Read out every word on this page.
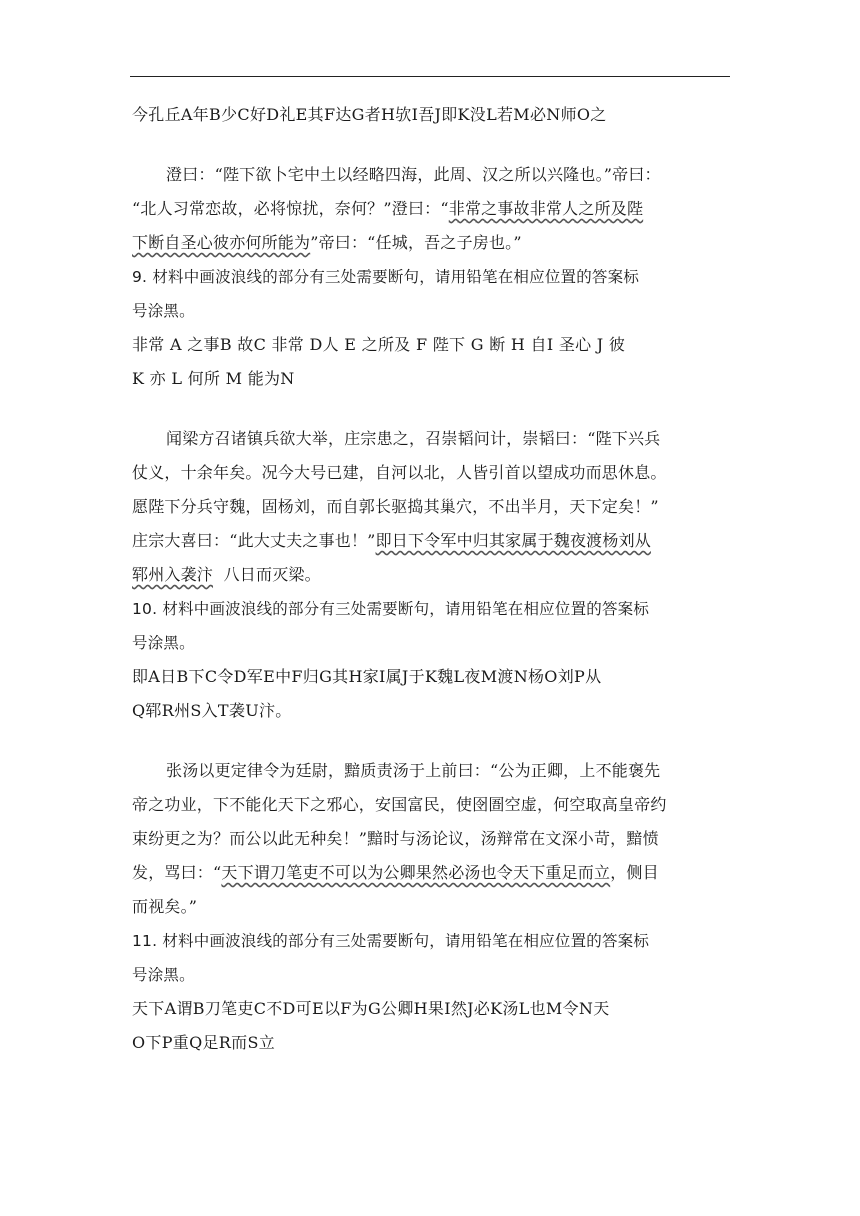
今孔丘A年B少C好D礼E其F达G者H欤I吾J即K没L若M必N师O之
澄曰：“陛下欲卜宅中土以经略四海，此周、汉之所以兴隆也。”帝曰：
“北人习常恋故，必将惊扰，奈何？”澄曰：“非常之事故非常人之所及陛
下断自圣心彼亦何所能为”帝曰：“任城，吾之子房也。”
9. 材料中画波浪线的部分有三处需要断句，请用铅笔在相应位置的答案标
号涂黑。
非常 A 之事B 故C 非常 D人 E 之所及 F 陛下 G 断 H 自I 圣心 J 彼
K 亦 L 何所 M 能为N
闻梁方召诸镇兵欲大举，庄宗患之，召崇韬问计，崇韬曰：“陛下兴兵
仗义，十余年矣。况今大号已建，自河以北，人皆引首以望成功而思休息。
愿陛下分兵守魏，固杨刘，而自郭长驱捣其巢穴，不出半月，天下定矣！”
庄宗大喜曰：“此大丈夫之事也！”即日下令军中归其家属于魏夜渡杨刘从
郓州入袭汴  八日而灭梁。
10. 材料中画波浪线的部分有三处需要断句，请用铅笔在相应位置的答案标
号涂黑。
即A日B下C令D军E中F归G其H家I属J于K魏L夜M渡N杨O刘P从
Q郓R州S入T袭U汴。
张汤以更定律令为廷尉，黯质责汤于上前曰：“公为正卿，上不能褒先
帝之功业，下不能化天下之邪心，安国富民，使囹圄空虚，何空取高皇帝约
束纷更之为？而公以此无种矣！”黯时与汤论议，汤辩常在文深小苛，黯愤
发，骂曰：“天下谓刀笔吏不可以为公卿果然必汤也令天下重足而立，侧目
而视矣。”
11. 材料中画波浪线的部分有三处需要断句，请用铅笔在相应位置的答案标
号涂黑。
天下A谓B刀笔吏C不D可E以F为G公卿H果I然J必K汤L也M令N天
O下P重Q足R而S立
